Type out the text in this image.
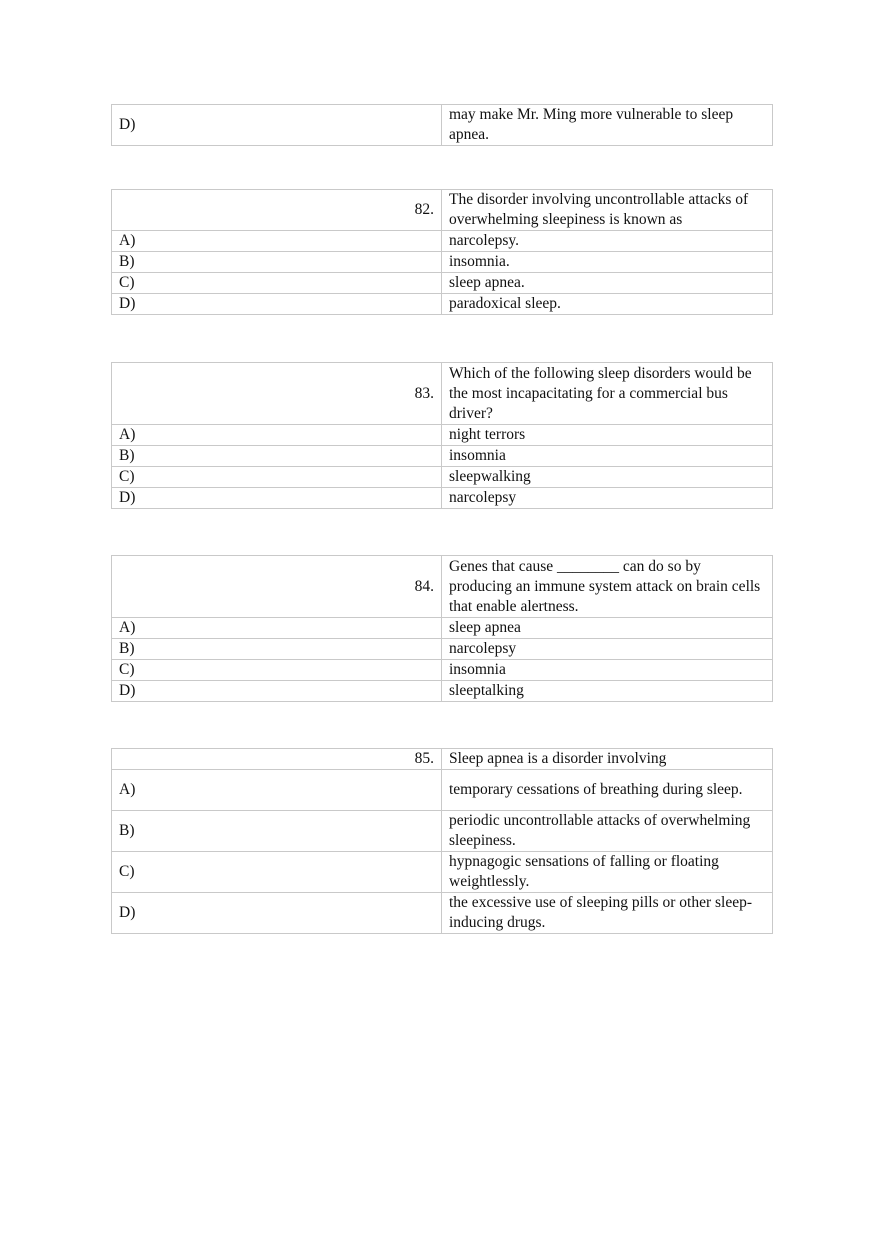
D)	may make Mr. Ming more vulnerable to sleep apnea.
82.	The disorder involving uncontrollable attacks of overwhelming sleepiness is known as
A)	narcolepsy.
B)	insomnia.
C)	sleep apnea.
D)	paradoxical sleep.
83.	Which of the following sleep disorders would be the most incapacitating for a commercial bus driver?
A)	night terrors
B)	insomnia
C)	sleepwalking
D)	narcolepsy
84.	Genes that cause ________ can do so by producing an immune system attack on brain cells that enable alertness.
A)	sleep apnea
B)	narcolepsy
C)	insomnia
D)	sleeptalking
85.	Sleep apnea is a disorder involving
A)	temporary cessations of breathing during sleep.
B)	periodic uncontrollable attacks of overwhelming sleepiness.
C)	hypnagogic sensations of falling or floating weightlessly.
D)	the excessive use of sleeping pills or other sleep-inducing drugs.
